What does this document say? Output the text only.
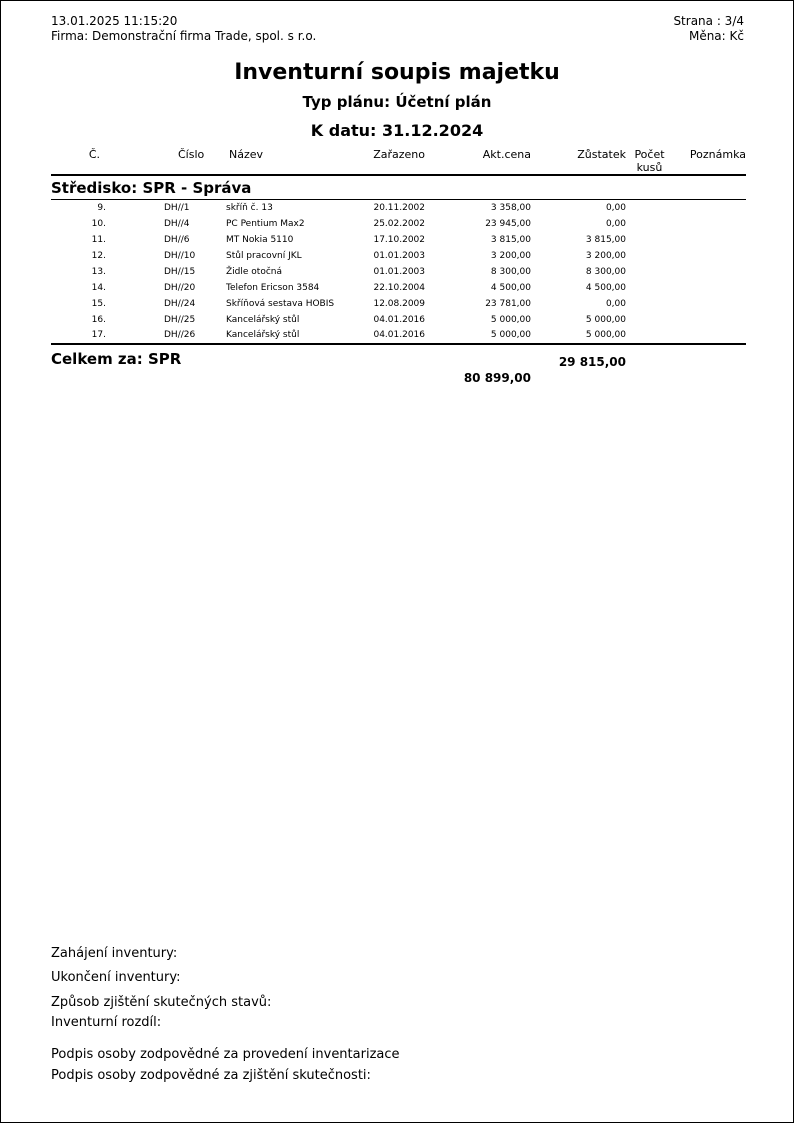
13.01.2025 11:15:20
Firma: Demonstrační firma Trade, spol. s r.o.
Strana : 3/4
Měna: Kč
Inventurní soupis majetku
Typ plánu: Účetní plán
K datu: 31.12.2024
Č.	Číslo	Název	Zařazeno	Akt.cena	Zůstatek	Počet
kusů	Poznámka
Středisko: SPR - Správa							
9.	DH//1	skříň č. 13	20.11.2002	3 358,00	0,00		
10.	DH//4	PC Pentium Max2	25.02.2002	23 945,00	0,00		
11.	DH//6	MT Nokia 5110	17.10.2002	3 815,00	3 815,00		
12.	DH//10	Stůl pracovní JKL	01.01.2003	3 200,00	3 200,00		
13.	DH//15	Židle otočná	01.01.2003	8 300,00	8 300,00		
14.	DH//20	Telefon Ericson 3584	22.10.2004	4 500,00	4 500,00		
15.	DH//24	Skříňová sestava HOBIS	12.08.2009	23 781,00	0,00		
16.	DH//25	Kancelářský stůl	04.01.2016	5 000,00	5 000,00		
17.	DH//26	Kancelářský stůl	04.01.2016	5 000,00	5 000,00		
Celkem za: SPR					29 815,00		
				80 899,00			
Zahájení inventury:
Ukončení inventury:
Způsob zjištění skutečných stavů:
Inventurní rozdíl:
Podpis osoby zodpovědné za provedení inventarizace
Podpis osoby zodpovědné za zjištění skutečnosti:
